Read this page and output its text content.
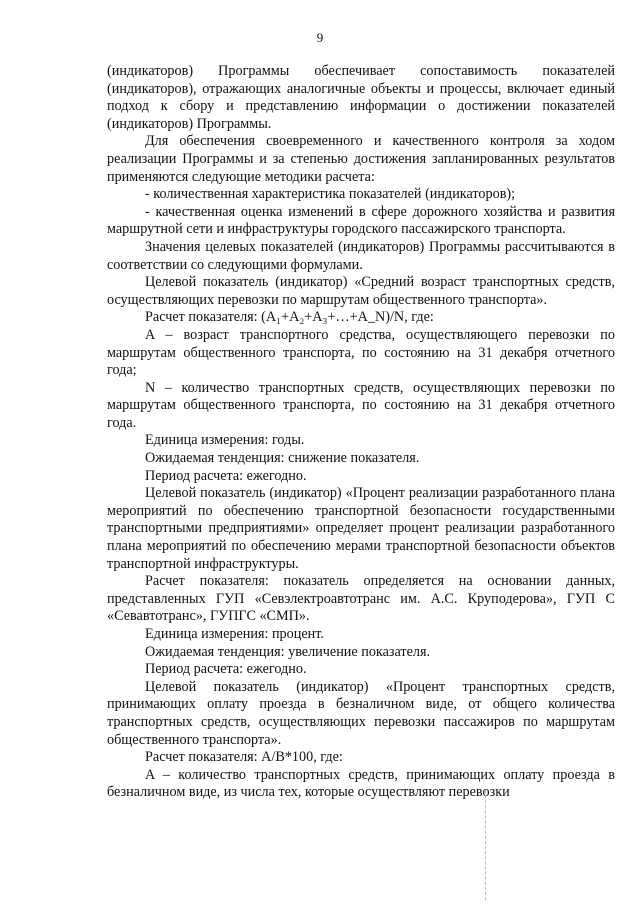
9

(индикаторов) Программы обеспечивает сопоставимость показателей (индикаторов), отражающих аналогичные объекты и процессы, включает единый подход к сбору и представлению информации о достижении показателей (индикаторов) Программы.

Для обеспечения своевременного и качественного контроля за ходом реализации Программы и за степенью достижения запланированных результатов применяются следующие методики расчета:

- количественная характеристика показателей (индикаторов);

- качественная оценка изменений в сфере дорожного хозяйства и развития маршрутной сети и инфраструктуры городского пассажирского транспорта.

Значения целевых показателей (индикаторов) Программы рассчитываются в соответствии со следующими формулами.

Целевой показатель (индикатор) «Средний возраст транспортных средств, осуществляющих перевозки по маршрутам общественного транспорта».

Расчет показателя: (A₁+A₂+A₃+…+A_N)/N, где:

A – возраст транспортного средства, осуществляющего перевозки по маршрутам общественного транспорта, по состоянию на 31 декабря отчетного года;

N – количество транспортных средств, осуществляющих перевозки по маршрутам общественного транспорта, по состоянию на 31 декабря отчетного года.

Единица измерения: годы.

Ожидаемая тенденция: снижение показателя.

Период расчета: ежегодно.

Целевой показатель (индикатор) «Процент реализации разработанного плана мероприятий по обеспечению транспортной безопасности государственными транспортными предприятиями» определяет процент реализации разработанного плана мероприятий по обеспечению мерами транспортной безопасности объектов транспортной инфраструктуры.

Расчет показателя: показатель определяется на основании данных, представленных ГУП «Севэлектроавтотранс им. А.С. Круподерова», ГУП С «Севавтотранс», ГУПГС «СМП».

Единица измерения: процент.

Ожидаемая тенденция: увеличение показателя.

Период расчета: ежегодно.

Целевой показатель (индикатор) «Процент транспортных средств, принимающих оплату проезда в безналичном виде, от общего количества транспортных средств, осуществляющих перевозки пассажиров по маршрутам общественного транспорта».

Расчет показателя: A/B*100, где:

A – количество транспортных средств, принимающих оплату проезда в безналичном виде, из числа тех, которые осуществляют перевозки
